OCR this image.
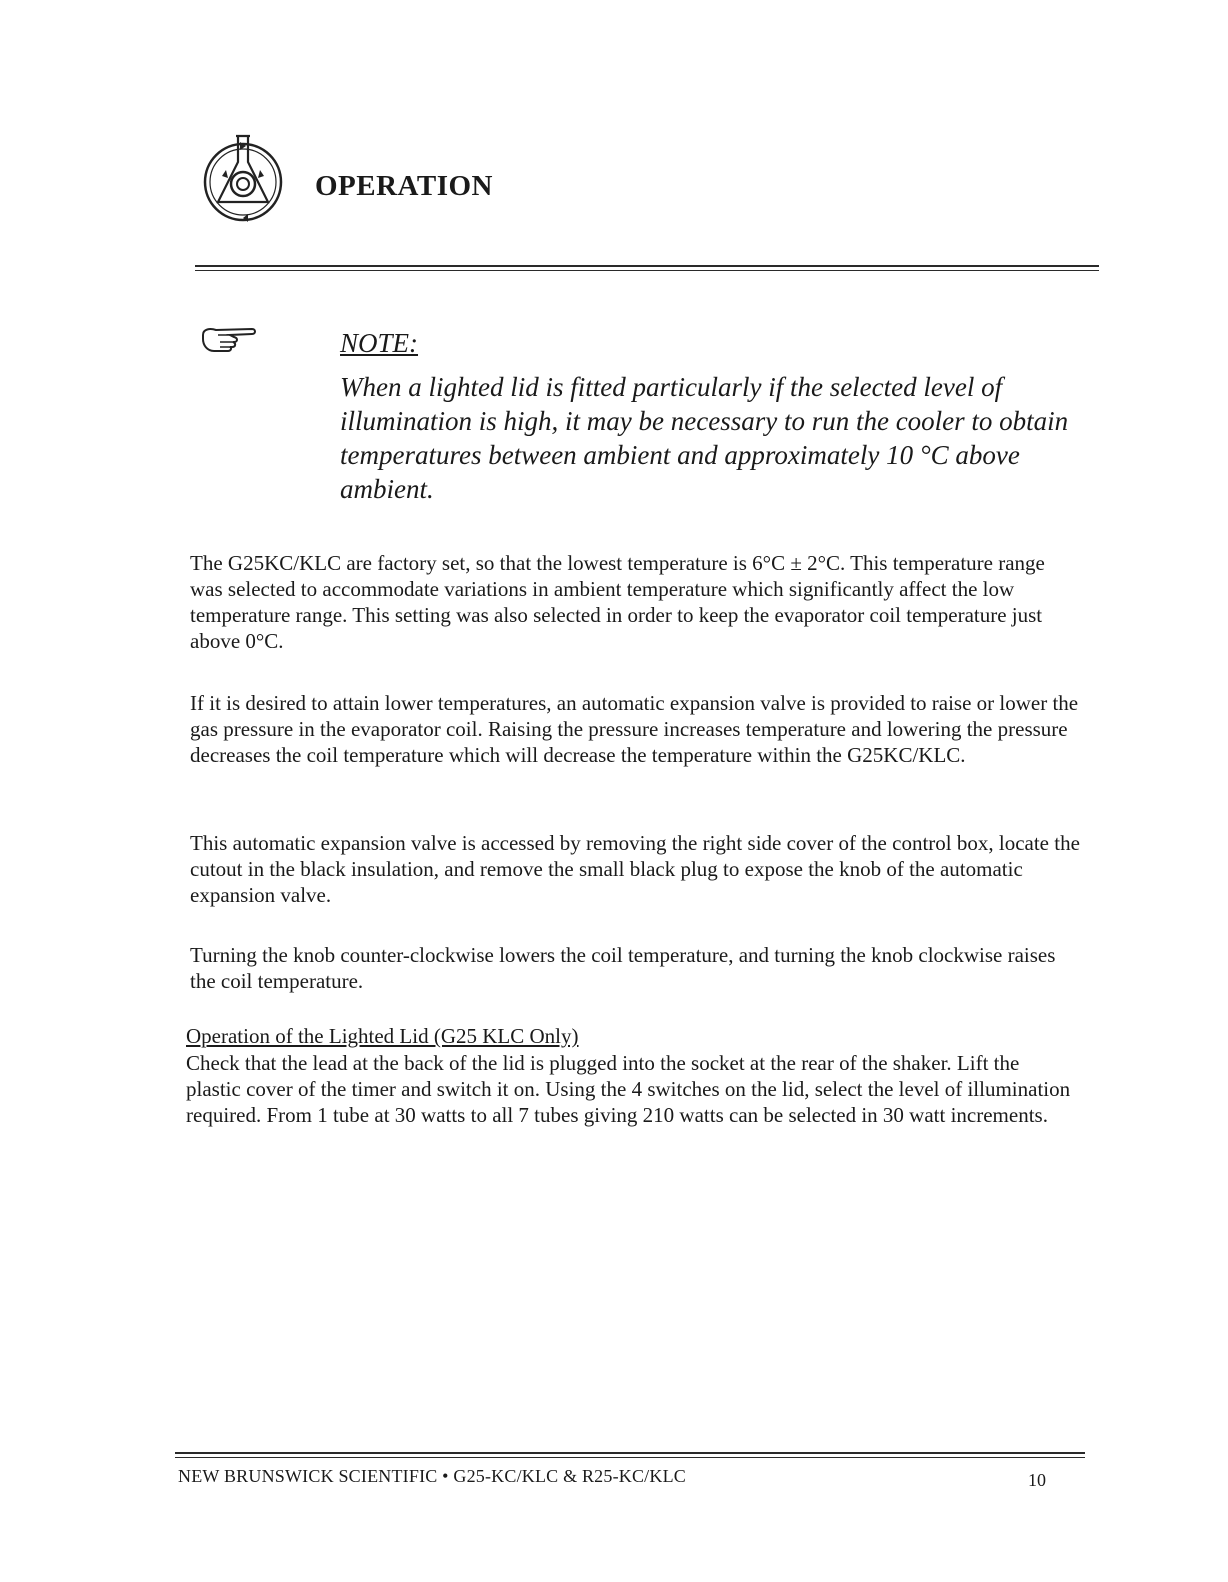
OPERATION
NOTE:

When a lighted lid is fitted particularly if the selected level of illumination is high, it may be necessary to run the cooler to obtain temperatures between ambient and approximately 10 °C above ambient.

The G25KC/KLC are factory set, so that the lowest temperature is 6°C ± 2°C. This temperature range was selected to accommodate variations in ambient temperature which significantly affect the low temperature range. This setting was also selected in order to keep the evaporator coil temperature just above 0°C.

If it is desired to attain lower temperatures, an automatic expansion valve is provided to raise or lower the gas pressure in the evaporator coil. Raising the pressure increases temperature and lowering the pressure decreases the coil temperature which will decrease the temperature within the G25KC/KLC.

This automatic expansion valve is accessed by removing the right side cover of the control box, locate the cutout in the black insulation, and remove the small black plug to expose the knob of the automatic expansion valve.

Turning the knob counter-clockwise lowers the coil temperature, and turning the knob clockwise raises the coil temperature.

Operation of the Lighted Lid (G25 KLC Only)

Check that the lead at the back of the lid is plugged into the socket at the rear of the shaker. Lift the plastic cover of the timer and switch it on. Using the 4 switches on the lid, select the level of illumination required. From 1 tube at 30 watts to all 7 tubes giving 210 watts can be selected in 30 watt increments.

NEW BRUNSWICK SCIENTIFIC • G25-KC/KLC & R25-KC/KLC	10
